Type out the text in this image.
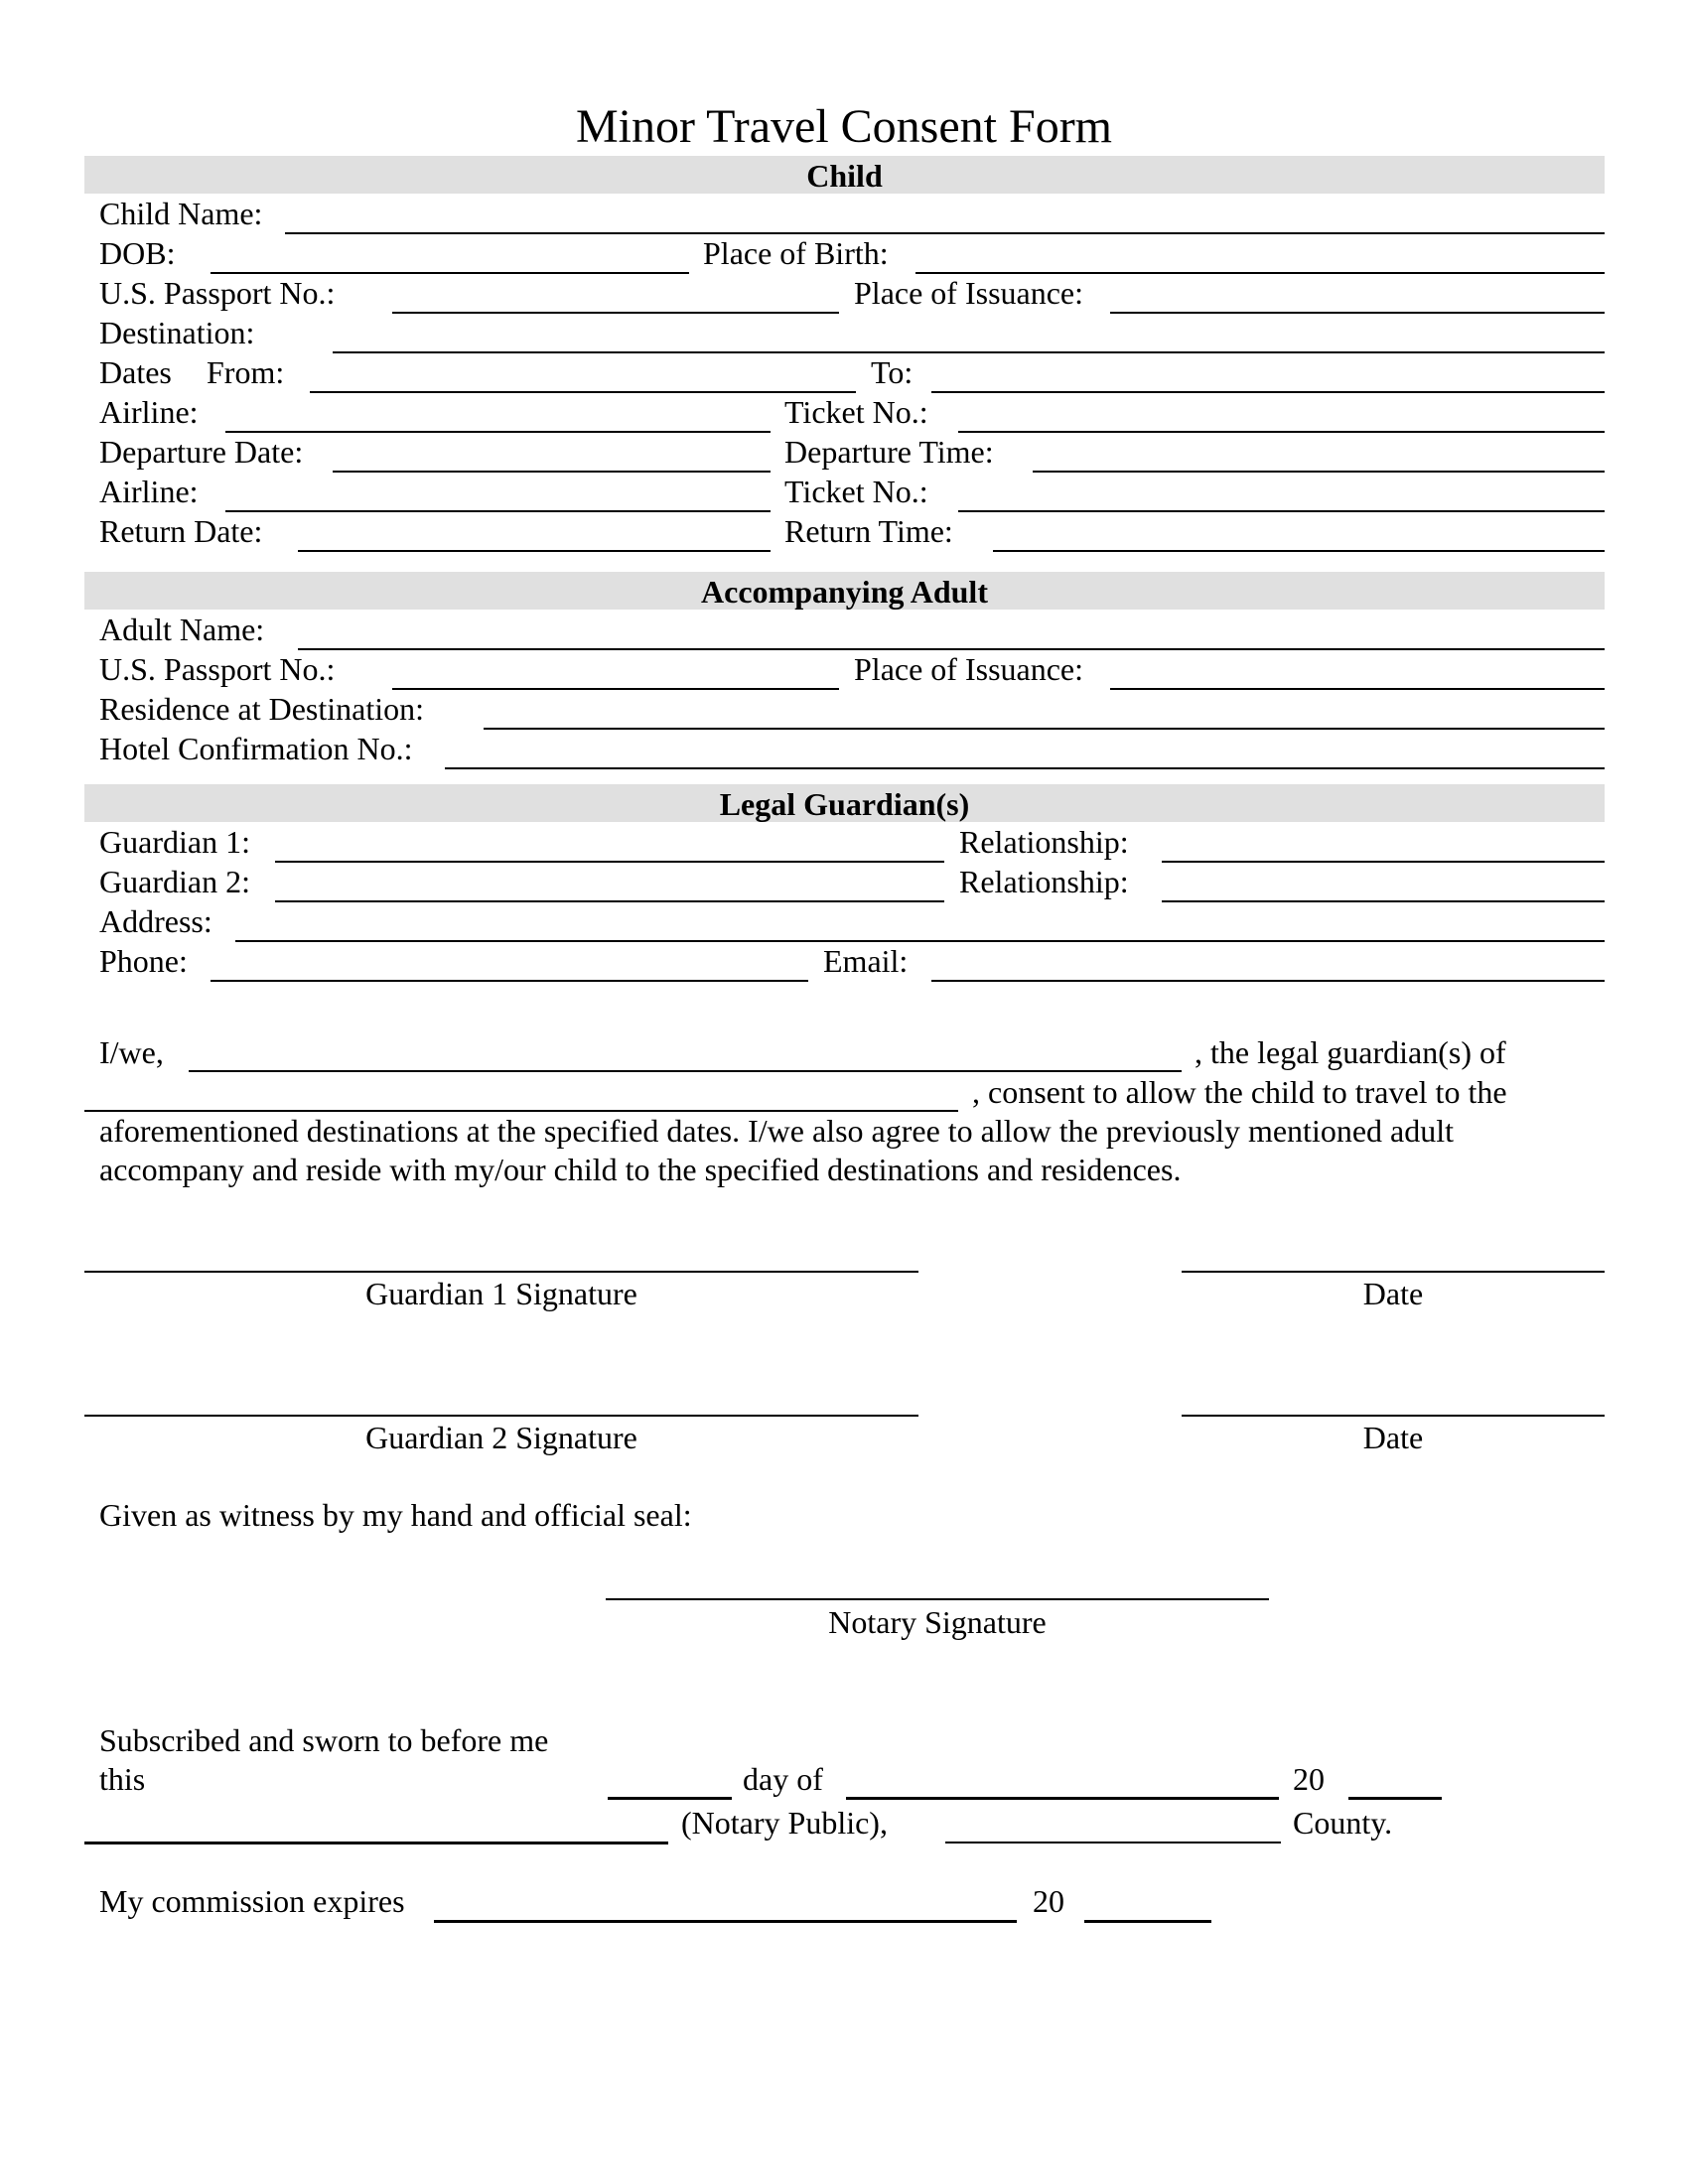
Minor Travel Consent Form
Child
Child Name:
DOB:	Place of Birth:
U.S. Passport No.:	Place of Issuance:
Destination:
Dates From:	To:
Airline:	Ticket No.:
Departure Date:	Departure Time:
Airline:	Ticket No.:
Return Date:	Return Time:
Accompanying Adult
Adult Name:
U.S. Passport No.:	Place of Issuance:
Residence at Destination:
Hotel Confirmation No.:
Legal Guardian(s)
Guardian 1:	Relationship:
Guardian 2:	Relationship:
Address:
Phone:	Email:
I/we,	, the legal guardian(s) of
, consent to allow the child to travel to the
aforementioned destinations at the specified dates. I/we also agree to allow the previously mentioned adult
accompany and reside with my/our child to the specified destinations and residences.
Guardian 1 Signature	Date
Guardian 2 Signature	Date
Given as witness by my hand and official seal:
Notary Signature
Subscribed and sworn to before me
this	day of	20
(Notary Public),	County.
My commission expires	20
